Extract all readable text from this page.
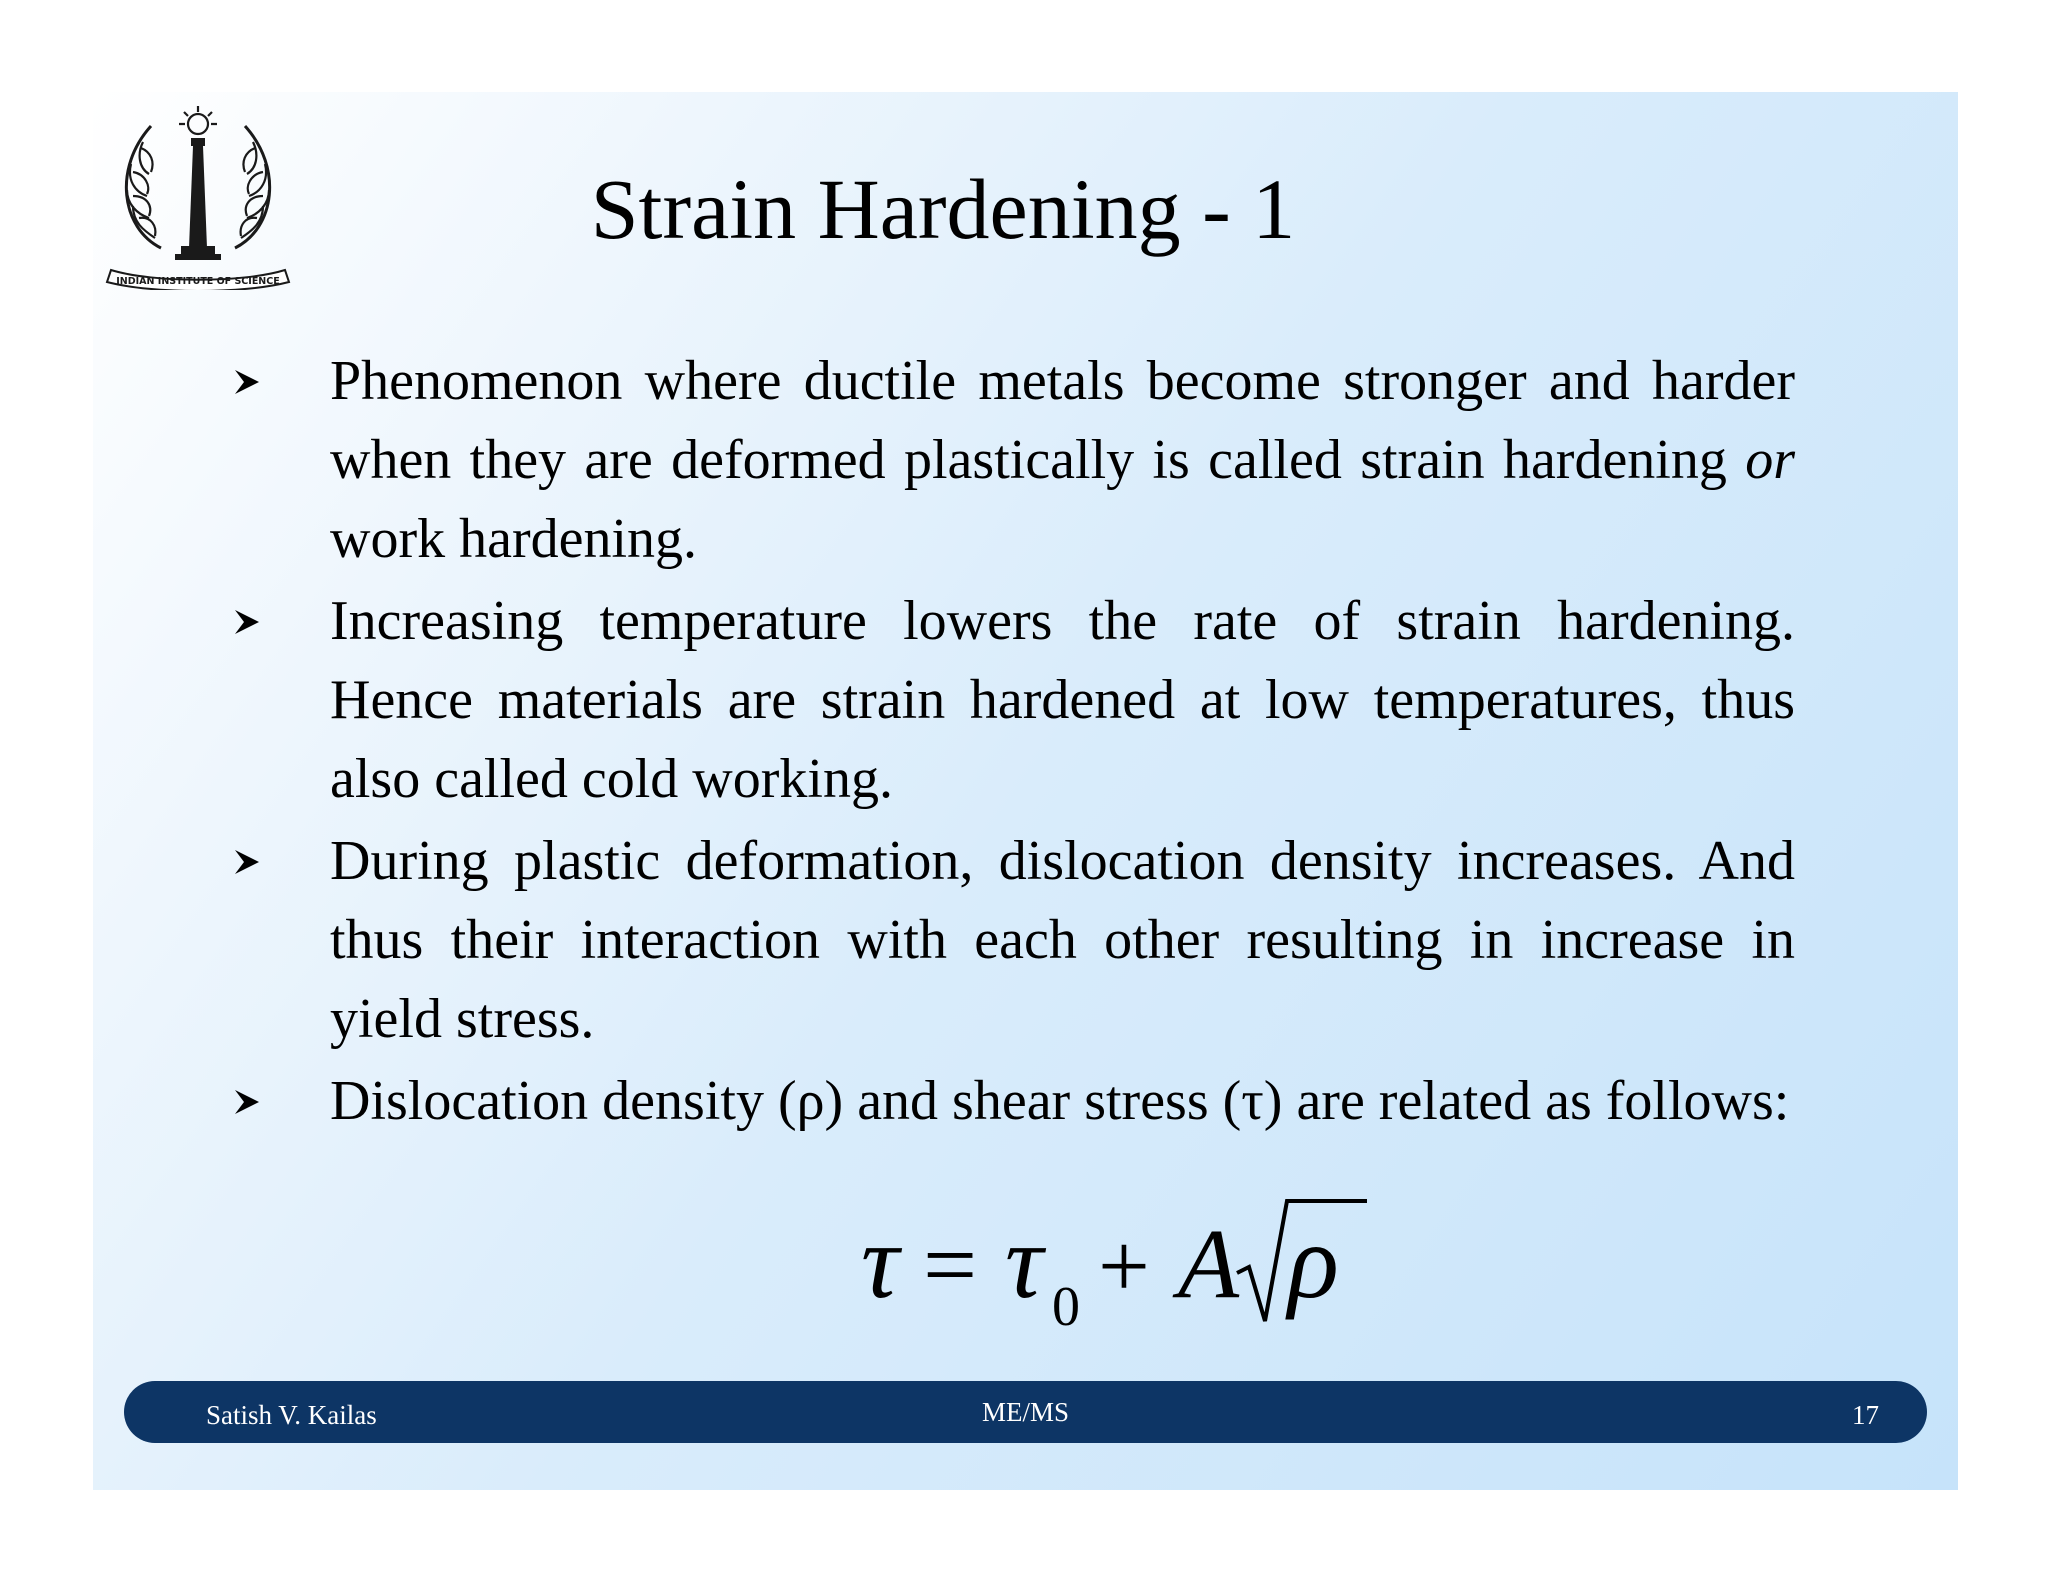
INDIAN INSTITUTE OF SCIENCE
Strain Hardening - 1
Phenomenon where ductile metals become stronger and harder when they are deformed plastically is called strain hardening or work hardening.
Increasing temperature lowers the rate of strain hardening. Hence materials are strain hardened at low temperatures, thus also called cold working.
During plastic deformation, dislocation density increases. And thus their interaction with each other resulting in increase in yield stress.
Dislocation density (ρ) and shear stress (τ) are related as follows:
τ = τ 0 + A ρ
Satish V. Kailas	ME/MS	17
